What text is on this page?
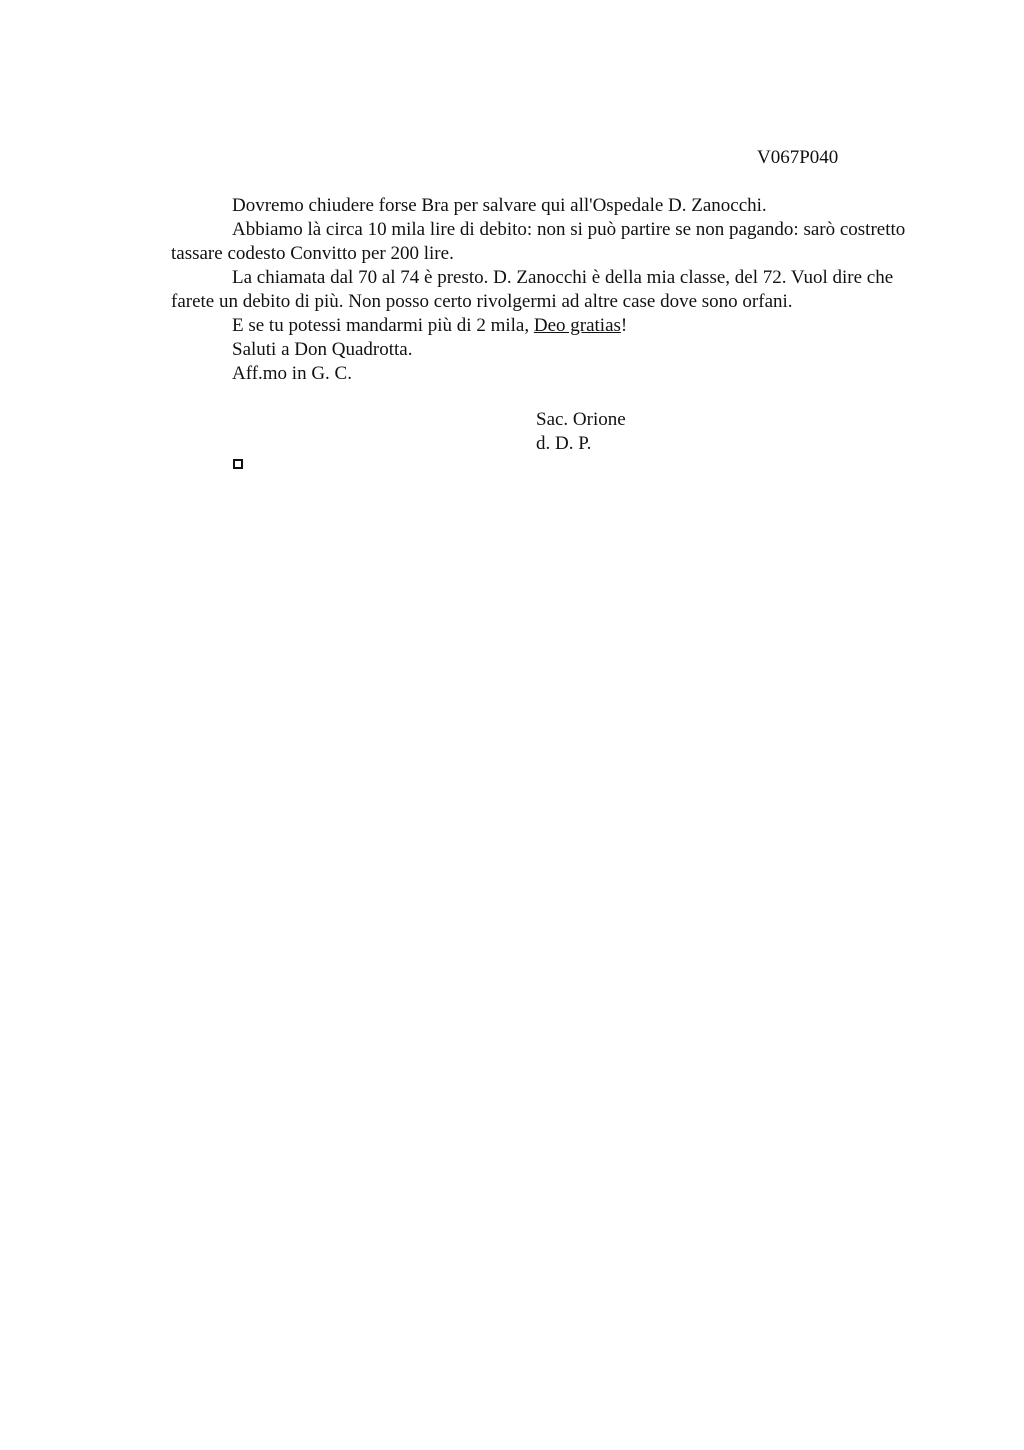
V067P040

Dovremo chiudere forse Bra per salvare qui all'Ospedale D. Zanocchi.

Abbiamo là circa 10 mila lire di debito: non si può partire se non pagando: sarò costretto tassare codesto Convitto per 200 lire.

La chiamata dal 70 al 74 è presto. D. Zanocchi è della mia classe, del 72. Vuol dire che farete un debito di più. Non posso certo rivolgermi ad altre case dove sono orfani.

E se tu potessi mandarmi più di 2 mila, Deo gratias!

Saluti a Don Quadrotta.

Aff.mo in G. C.

Sac. Orione
d. D. P.
